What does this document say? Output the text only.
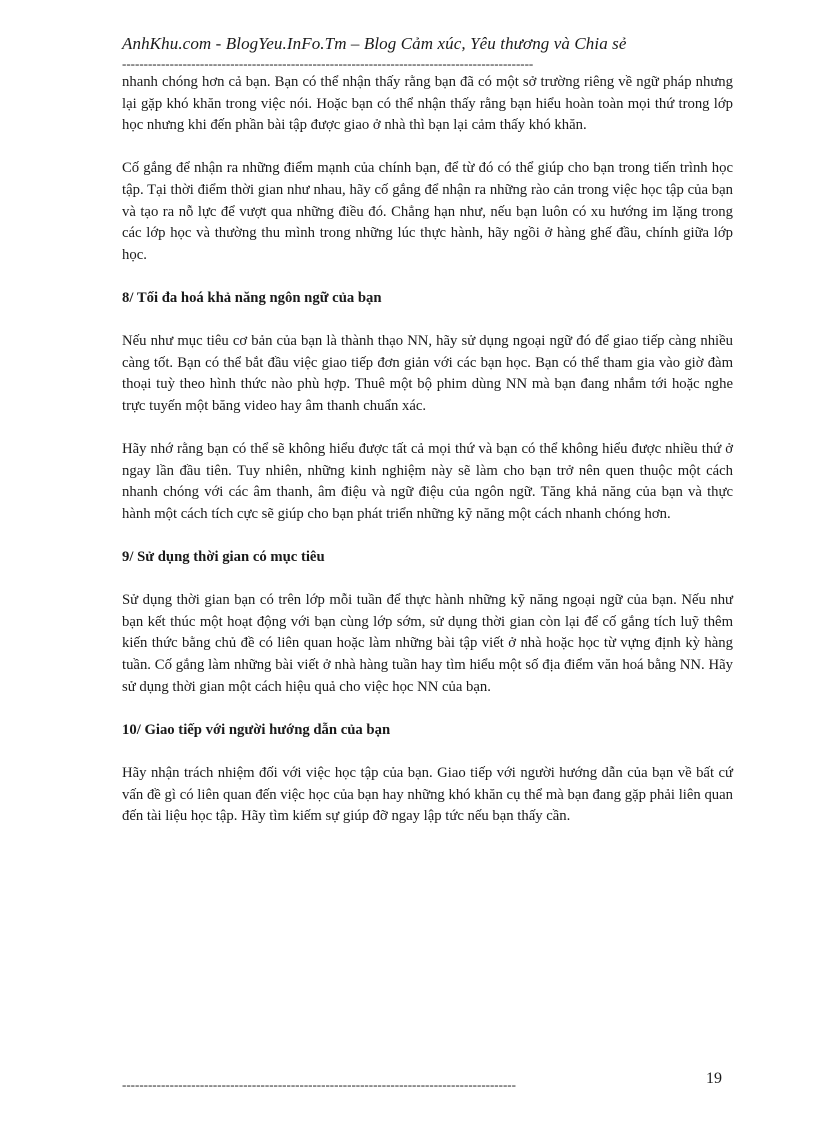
AnhKhu.com - BlogYeu.InFo.Tm – Blog Cảm xúc, Yêu thương và Chia sẻ
-----------------------------------------------------------------------------------------------

nhanh chóng hơn cả bạn. Bạn có thể nhận thấy rằng bạn đã có một sở trường riêng về ngữ pháp nhưng lại gặp khó khăn trong việc nói. Hoặc bạn có thể nhận thấy rằng bạn hiểu hoàn toàn mọi thứ trong lớp học nhưng khi đến phần bài tập được giao ở nhà thì bạn lại cảm thấy khó khăn.

Cố gắng để nhận ra những điểm mạnh của chính bạn, để từ đó có thể giúp cho bạn trong tiến trình học tập. Tại thời điểm thời gian như nhau, hãy cố gắng để nhận ra những rào cản trong việc học tập của bạn và tạo ra nỗ lực để vượt qua những điều đó. Chẳng hạn như, nếu bạn luôn có xu hướng im lặng trong các lớp học và thường thu mình trong những lúc thực hành, hãy ngồi ở hàng ghế đầu, chính giữa lớp học.

8/ Tối đa hoá khả năng ngôn ngữ của bạn

Nếu như mục tiêu cơ bản của bạn là thành thạo NN, hãy sử dụng ngoại ngữ đó để giao tiếp càng nhiều càng tốt. Bạn có thể bắt đầu việc giao tiếp đơn giản với các bạn học. Bạn có thể tham gia vào giờ đàm thoại tuỳ theo hình thức nào phù hợp. Thuê một bộ phim dùng NN mà bạn đang nhắm tới hoặc nghe trực tuyến một băng video hay âm thanh chuẩn xác.

Hãy nhớ rằng bạn có thể sẽ không hiểu được tất cả mọi thứ và bạn có thể không hiểu được nhiều thứ ở ngay lần đầu tiên. Tuy nhiên, những kinh nghiệm này sẽ làm cho bạn trở nên quen thuộc một cách nhanh chóng với các âm thanh, âm điệu và ngữ điệu của ngôn ngữ. Tăng khả năng của bạn và thực hành một cách tích cực sẽ giúp cho bạn phát triển những kỹ năng một cách nhanh chóng hơn.

9/ Sử dụng thời gian có mục tiêu

Sử dụng thời gian bạn có trên lớp mỗi tuần để thực hành những kỹ năng ngoại ngữ của bạn. Nếu như bạn kết thúc một hoạt động với bạn cùng lớp sớm, sử dụng thời gian còn lại để cố gắng tích luỹ thêm kiến thức bằng chủ đề có liên quan hoặc làm những bài tập viết ở nhà hoặc học từ vựng định kỳ hàng tuần. Cố gắng làm những bài viết ở nhà hàng tuần hay tìm hiểu một số địa điểm văn hoá bằng NN. Hãy sử dụng thời gian một cách hiệu quả cho việc học NN của bạn.

10/ Giao tiếp với người hướng dẫn của bạn

Hãy nhận trách nhiệm đối với việc học tập của bạn. Giao tiếp với người hướng dẫn của bạn về bất cứ vấn đề gì có liên quan đến việc học của bạn hay những khó khăn cụ thể mà bạn đang gặp phải liên quan đến tài liệu học tập. Hãy tìm kiếm sự giúp đỡ ngay lập tức nếu bạn thấy cần.

-------------------------------------------------------------------------------------------	19
